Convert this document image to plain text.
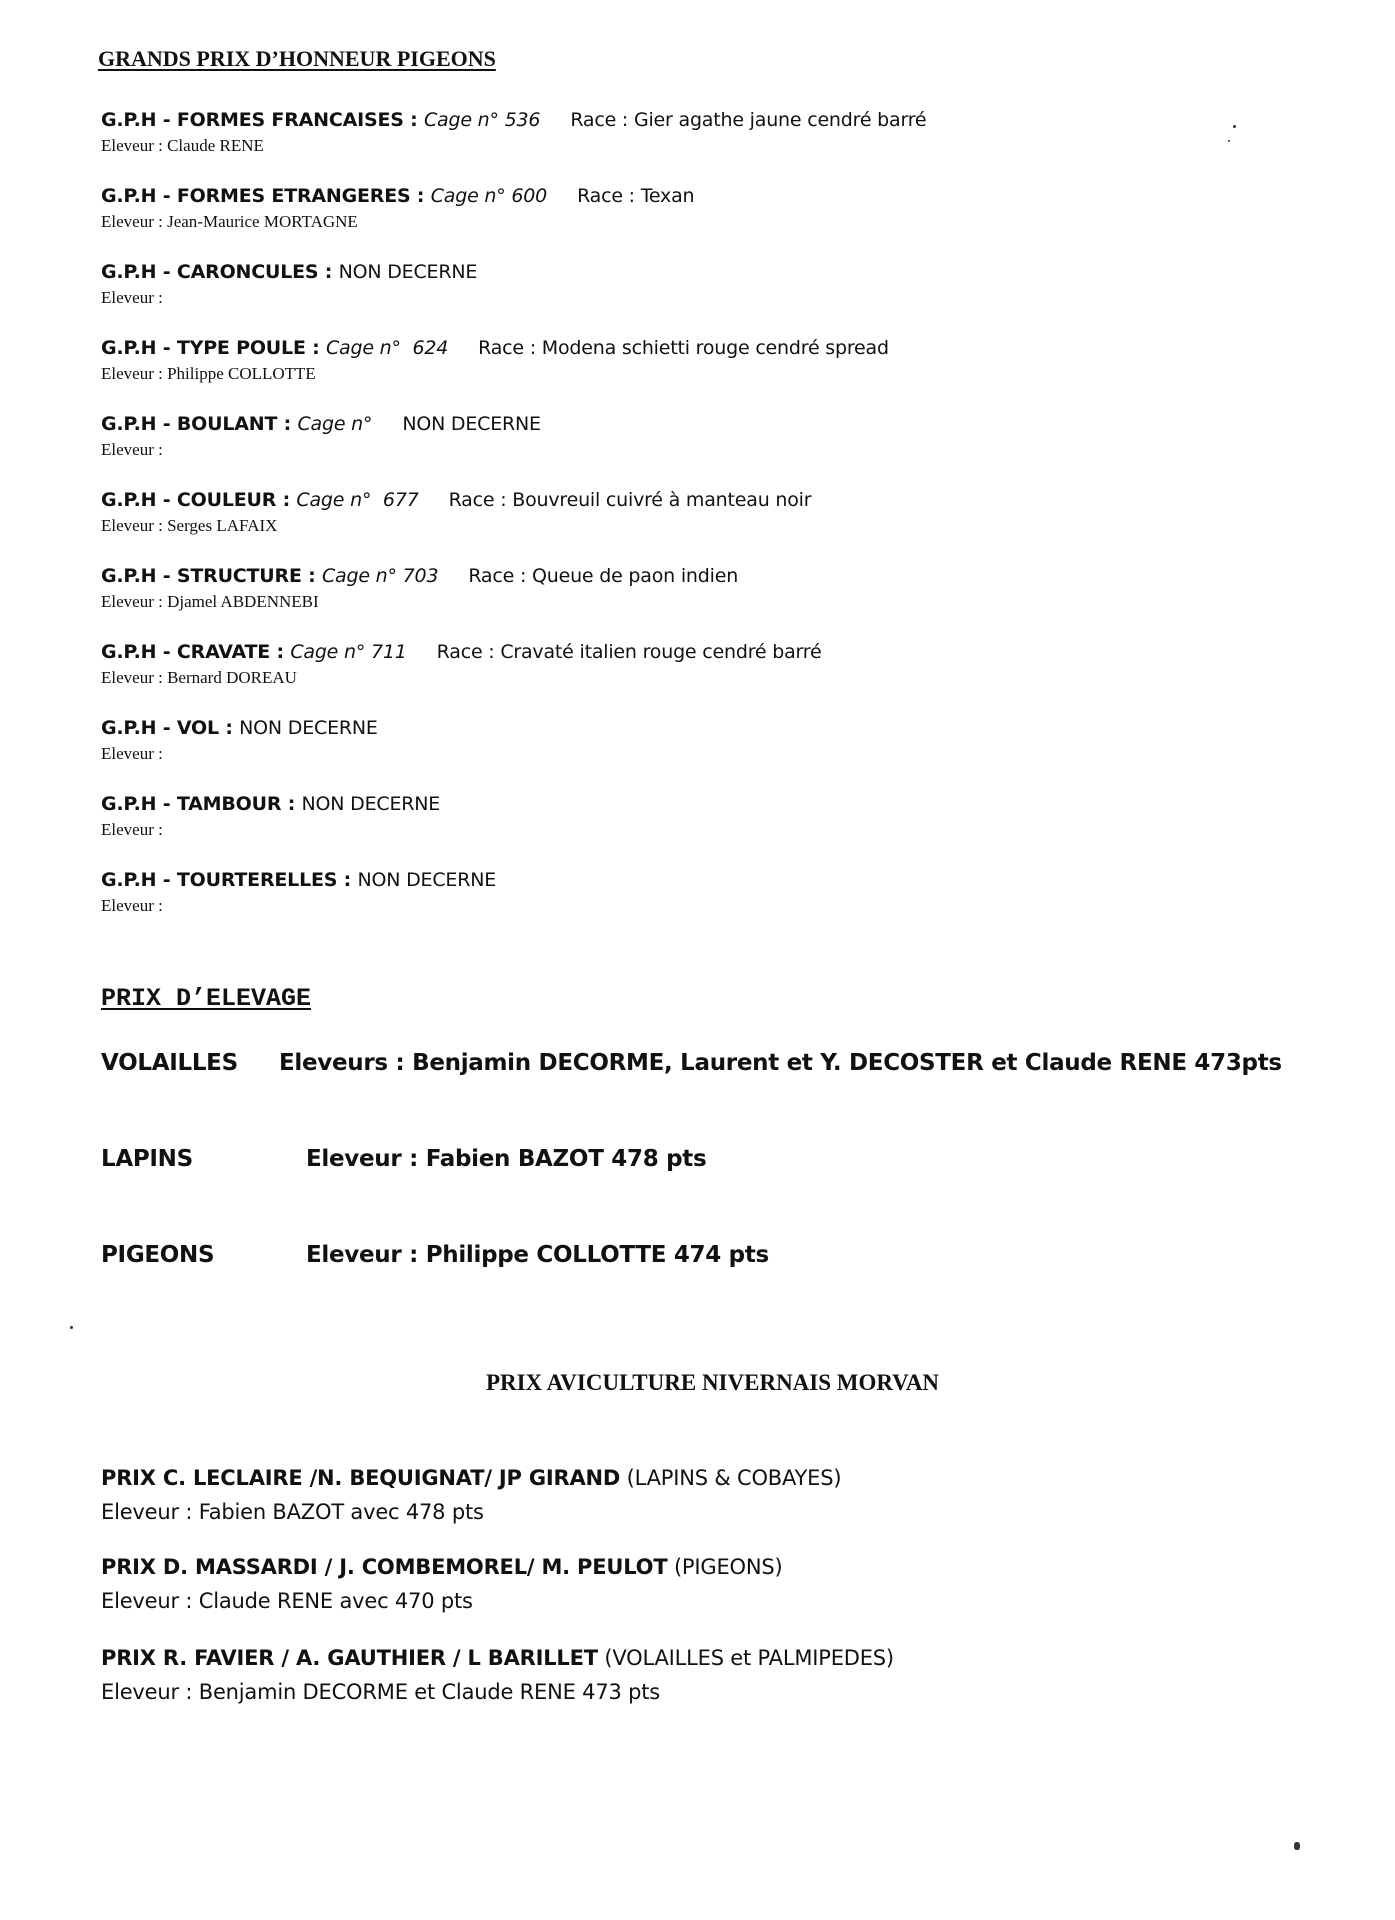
GRANDS PRIX D’HONNEUR PIGEONS
G.P.H - FORMES FRANCAISES : Cage n° 536 Race : Gier agathe jaune cendré barré
Eleveur : Claude RENE
G.P.H - FORMES ETRANGERES : Cage n° 600 Race : Texan
Eleveur : Jean-Maurice MORTAGNE
G.P.H - CARONCULES : NON DECERNE
Eleveur :
G.P.H - TYPE POULE : Cage n°  624 Race : Modena schietti rouge cendré spread
Eleveur : Philippe COLLOTTE
G.P.H - BOULANT : Cage n° NON DECERNE
Eleveur :
G.P.H - COULEUR : Cage n°  677 Race : Bouvreuil cuivré à manteau noir
Eleveur : Serges LAFAIX
G.P.H - STRUCTURE : Cage n° 703 Race : Queue de paon indien
Eleveur : Djamel ABDENNEBI
G.P.H - CRAVATE : Cage n° 711 Race : Cravaté italien rouge cendré barré
Eleveur : Bernard DOREAU
G.P.H - VOL : NON DECERNE
Eleveur :
G.P.H - TAMBOUR : NON DECERNE
Eleveur :
G.P.H - TOURTERELLES : NON DECERNE
Eleveur :
PRIX D’ELEVAGE
VOLAILLES Eleveurs : Benjamin DECORME, Laurent et Y. DECOSTER et Claude RENE 473pts
LAPINS	Eleveur : Fabien BAZOT 478 pts
PIGEONS	Eleveur : Philippe COLLOTTE 474 pts
PRIX AVICULTURE NIVERNAIS MORVAN
PRIX C. LECLAIRE /N. BEQUIGNAT/ JP GIRAND (LAPINS & COBAYES)
Eleveur : Fabien BAZOT avec 478 pts
PRIX D. MASSARDI / J. COMBEMOREL/ M. PEULOT (PIGEONS)
Eleveur : Claude RENE avec 470 pts
PRIX R. FAVIER / A. GAUTHIER / L BARILLET (VOLAILLES et PALMIPEDES)
Eleveur : Benjamin DECORME et Claude RENE 473 pts
